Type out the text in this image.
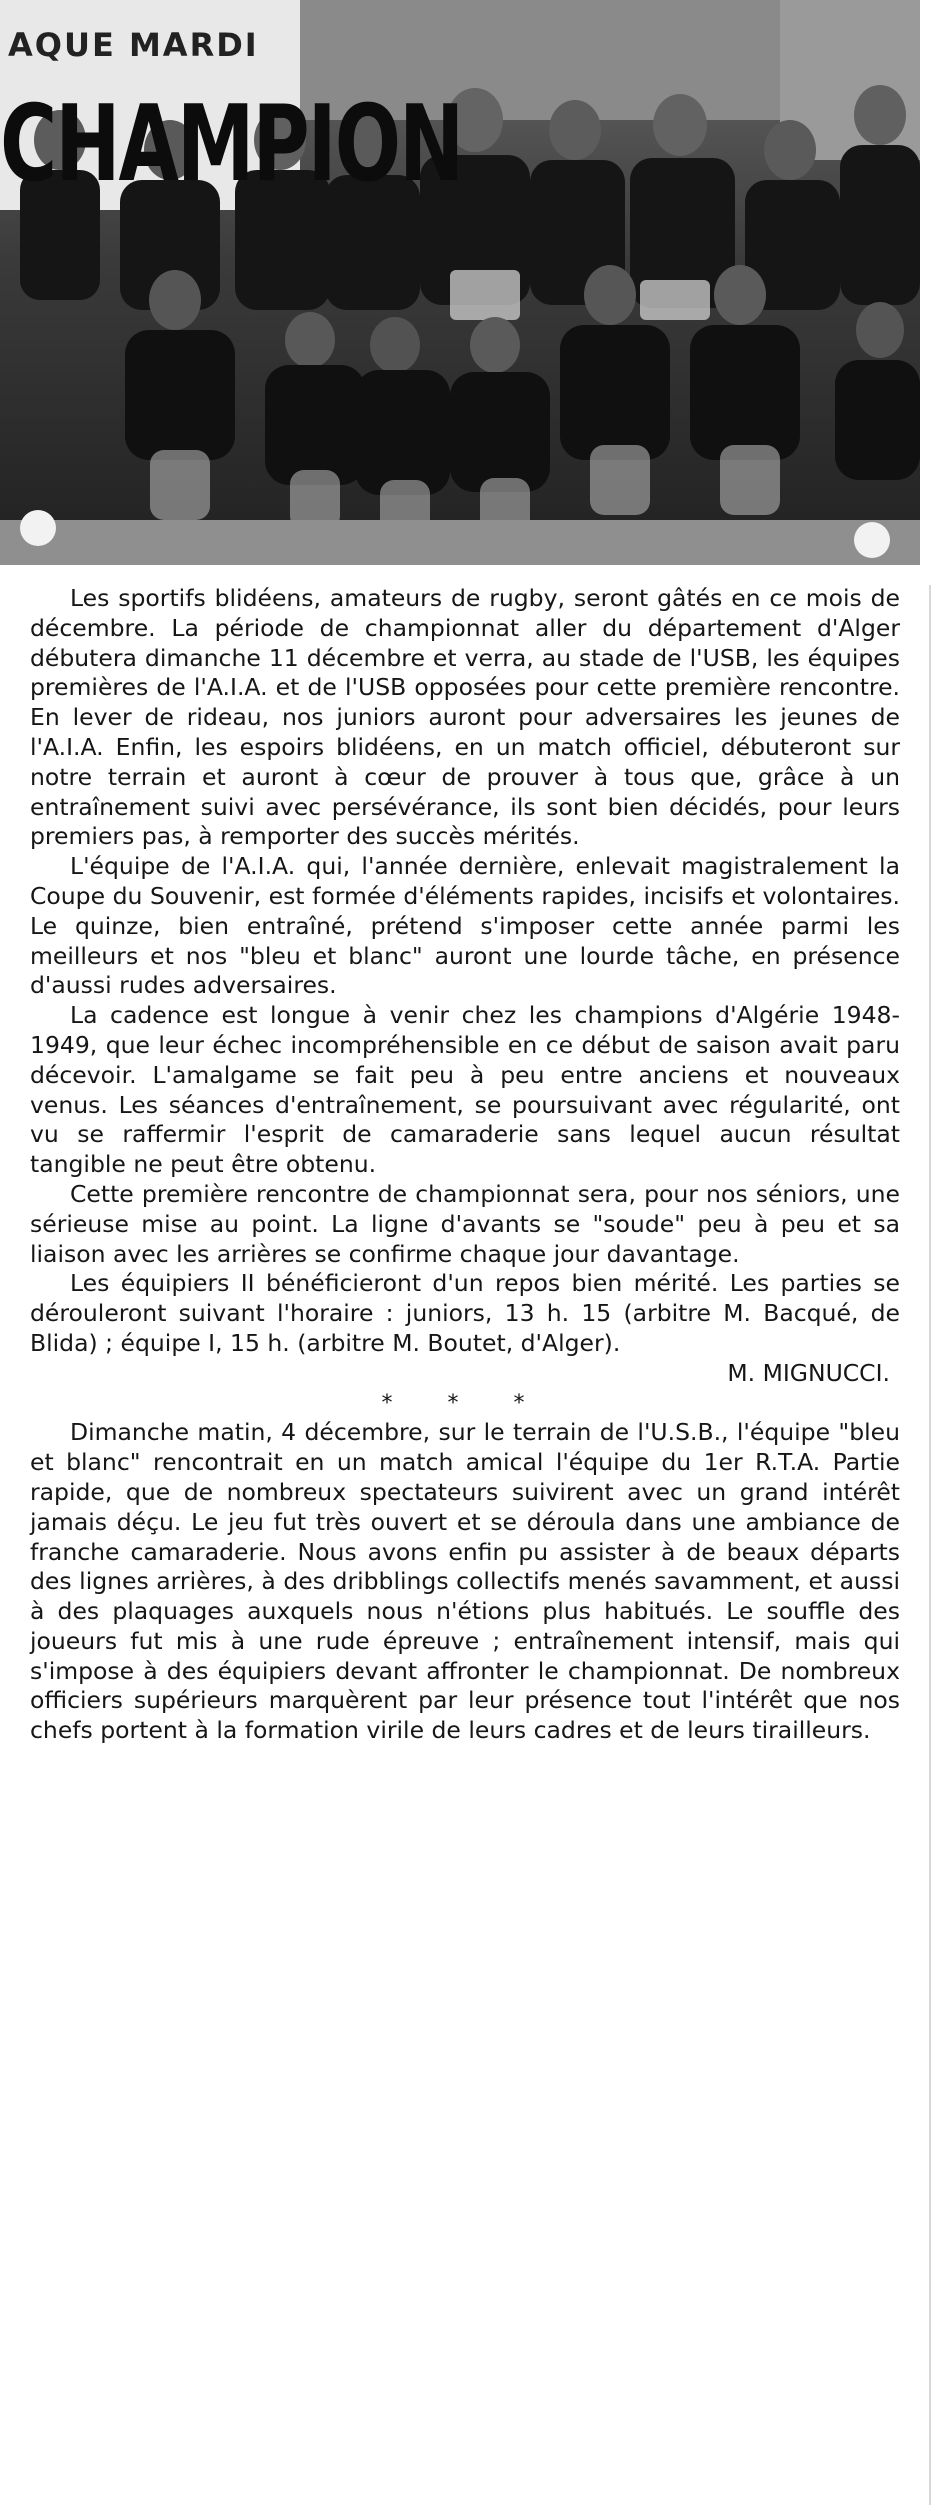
AQUE MARDI
CHAMPION

Les sportifs blidéens, amateurs de rugby, seront gâtés en ce mois de décembre. La période de championnat aller du département d'Alger débutera dimanche 11 décembre et verra, au stade de l'USB, les équipes premières de l'A.I.A. et de l'USB opposées pour cette première rencontre. En lever de rideau, nos juniors auront pour adversaires les jeunes de l'A.I.A. Enfin, les espoirs blidéens, en un match officiel, débuteront sur notre terrain et auront à cœur de prouver à tous que, grâce à un entraînement suivi avec persévérance, ils sont bien décidés, pour leurs premiers pas, à remporter des succès mérités.

L'équipe de l'A.I.A. qui, l'année dernière, enlevait magistralement la Coupe du Souvenir, est formée d'éléments rapides, incisifs et volontaires. Le quinze, bien entraîné, prétend s'imposer cette année parmi les meilleurs et nos "bleu et blanc" auront une lourde tâche, en présence d'aussi rudes adversaires.

La cadence est longue à venir chez les champions d'Algérie 1948-1949, que leur échec incompréhensible en ce début de saison avait paru décevoir. L'amalgame se fait peu à peu entre anciens et nouveaux venus. Les séances d'entraînement, se poursuivant avec régularité, ont vu se raffermir l'esprit de camaraderie sans lequel aucun résultat tangible ne peut être obtenu.

Cette première rencontre de championnat sera, pour nos séniors, une sérieuse mise au point. La ligne d'avants se "soude" peu à peu et sa liaison avec les arrières se confirme chaque jour davantage.

Les équipiers II bénéficieront d'un repos bien mérité. Les parties se dérouleront suivant l'horaire : juniors, 13 h. 15 (arbitre M. Bacqué, de Blida) ; équipe I, 15 h. (arbitre M. Boutet, d'Alger).

M. MIGNUCCI.

* * *

Dimanche matin, 4 décembre, sur le terrain de l'U.S.B., l'équipe "bleu et blanc" rencontrait en un match amical l'équipe du 1er R.T.A. Partie rapide, que de nombreux spectateurs suivirent avec un grand intérêt jamais déçu. Le jeu fut très ouvert et se déroula dans une ambiance de franche camaraderie. Nous avons enfin pu assister à de beaux départs des lignes arrières, à des dribblings collectifs menés savamment, et aussi à des plaquages auxquels nous n'étions plus habitués. Le souffle des joueurs fut mis à une rude épreuve ; entraînement intensif, mais qui s'impose à des équipiers devant affronter le championnat. De nombreux officiers supérieurs marquèrent par leur présence tout l'intérêt que nos chefs portent à la formation virile de leurs cadres et de leurs tirailleurs.
